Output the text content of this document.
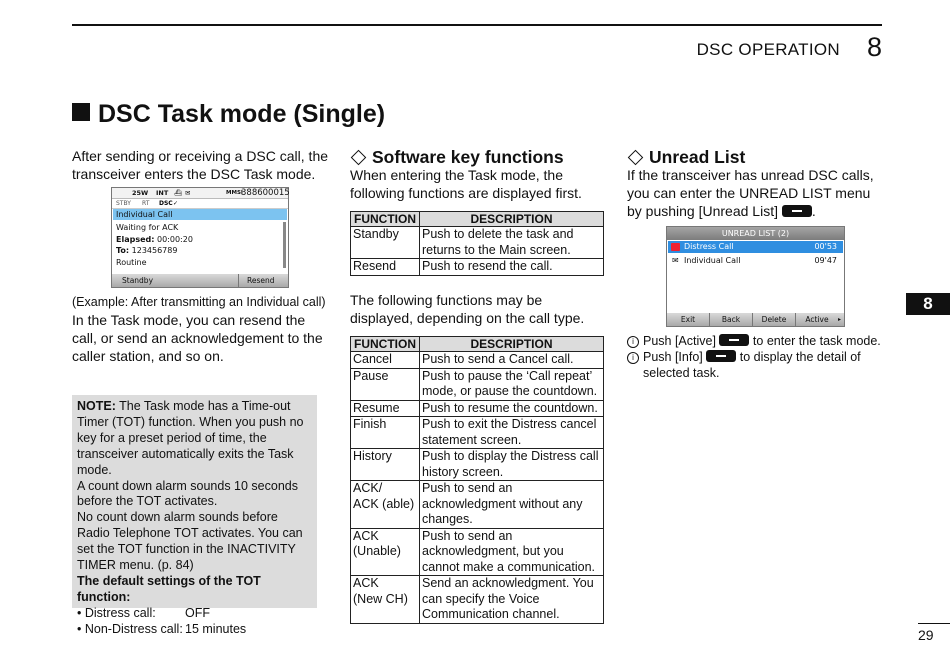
DSC OPERATION 8
DSC Task mode (Single)
After sending or receiving a DSC call, the transceiver enters the DSC Task mode.
25W INT ⛴ ✉	MMSI
388600015
STBY RT DSC ✓
Individual Call
Waiting for ACK
Elapsed: 00:00:20
To: 123456789
Routine
Standby	Resend
(Example: After transmitting an Individual call)
In the Task mode, you can resend the call, or send an acknowledgement to the caller station, and so on.
NOTE: The Task mode has a Time-out Timer (TOT) function. When you push no key for a preset period of time, the transceiver automatically exits the Task mode.
A count down alarm sounds 10 seconds before the TOT activates.
No count down alarm sounds before Radio Telephone TOT activates. You can set the TOT function in the INACTIVITY TIMER menu. (p. 84)
The default settings of the TOT function:
• Distress call:	OFF
• Non-Distress call: 15 minutes
Software key functions
When entering the Task mode, the following functions are displayed first.
FUNCTION	DESCRIPTION
Standby	Push to delete the task and returns to the Main screen.
Resend	Push to resend the call.
The following functions may be displayed, depending on the call type.
FUNCTION	DESCRIPTION
Cancel	Push to send a Cancel call.
Pause	Push to pause the ‘Call repeat’ mode, or pause the countdown.
Resume	Push to resume the countdown.
Finish	Push to exit the Distress cancel statement screen.
History	Push to display the Distress call history screen.
ACK/
ACK (able)	Push to send an acknowledgment without any changes.
ACK
(Unable)	Push to send an acknowledgment, but you cannot make a communication.
ACK
(New CH)	Send an acknowledgment. You can specify the Voice Communication channel.
Unread List
If the transceiver has unread DSC calls, you can enter the UNREAD LIST menu by pushing [Unread List] .
UNREAD LIST (2)
Distress Call	00'53
✉ Individual Call	09'47
Exit	Back	Delete	Active	▸
i Push [Active]	to enter the task mode.
i Push [Info]	to display the detail of selected task.
8
29
